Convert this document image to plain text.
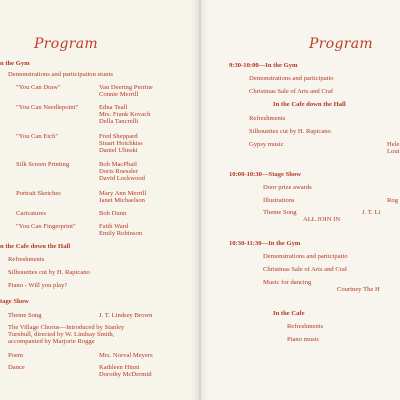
Program
n the Gym
Demonstrations and participation stunts
"You Can Draw"	Van Deering Perrine
Connie Merrill
"You Can Needlepoint"	Edna Teall
Mrs. Frank Kovach
Della Tancrelli
"You Can Etch"	Fred Sheppard
Stuart Hotchkiss
Daniel Ulinski
Silk Screen Printing	Bob MacPhail
Doris Roessler
David Lockwood
Portrait Sketches	Mary Ann Merrill
Janet Michaelson
Caricatures	Bob Dunn
"You Can Fingerprint"	Faith Ward
Emily Robinson
n the Cafe down the Hall
Refreshments
Silhouettes cut by H. Rapicano
Piano - Will you play?
tage Show
Theme Song	J. T. Lindsey Brown
The Village Chorus—Introduced by Stanley
Turnbull, directed by W. Lindsay Smith,
accompanied by Marjorie Rogge
Poem	Mrs. Norval Meyers
Dance	Kathleen Hinni
Dorothy McDermid
Program
9:30-10:00—In the Gym
Demonstrations and participatio
Christmas Sale of Arts and Craf
In the Cafe down the Hall
Refreshments
Silhouettes cut by H. Rapicano
Gypsy music	Hele
Loui
10:00-10:30—Stage Show
Door prize awards
Illustrations	Rog
Theme Song	J. T. Li
ALL JOIN IN
10:30-11:30—In the Gym
Demonstrations and participatio
Christmas Sale of Arts and Craf
Music for dancing
Courtney The H
In the Cafe
Refreshments
Piano music
